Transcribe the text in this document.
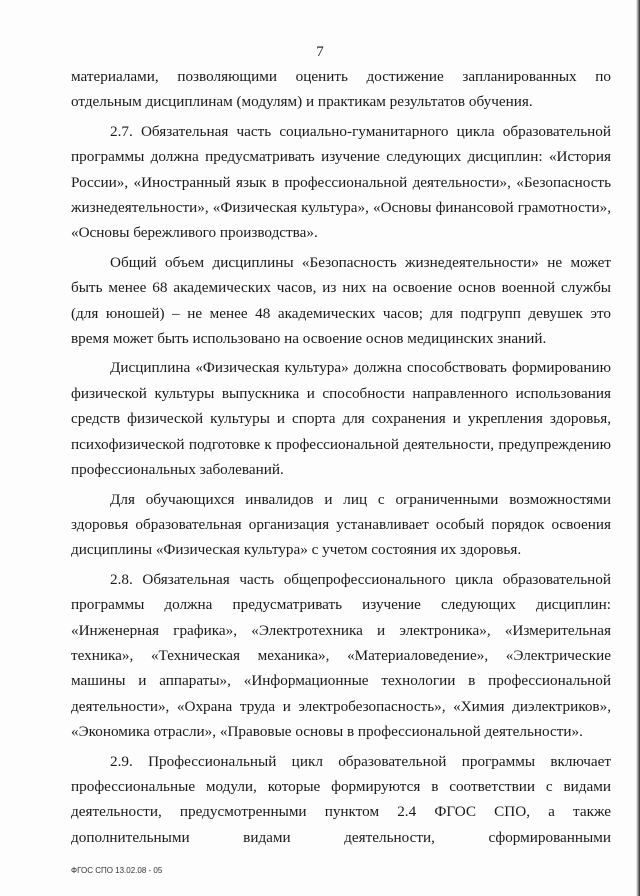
7

материалами, позволяющими оценить достижение запланированных по отдельным дисциплинам (модулям) и практикам результатов обучения.

2.7. Обязательная часть социально-гуманитарного цикла образовательной программы должна предусматривать изучение следующих дисциплин: «История России», «Иностранный язык в профессиональной деятельности», «Безопасность жизнедеятельности», «Физическая культура», «Основы финансовой грамотности», «Основы бережливого производства».

Общий объем дисциплины «Безопасность жизнедеятельности» не может быть менее 68 академических часов, из них на освоение основ военной службы (для юношей) – не менее 48 академических часов; для подгрупп девушек это время может быть использовано на освоение основ медицинских знаний.

Дисциплина «Физическая культура» должна способствовать формированию физической культуры выпускника и способности направленного использования средств физической культуры и спорта для сохранения и укрепления здоровья, психофизической подготовке к профессиональной деятельности, предупреждению профессиональных заболеваний.

Для обучающихся инвалидов и лиц с ограниченными возможностями здоровья образовательная организация устанавливает особый порядок освоения дисциплины «Физическая культура» с учетом состояния их здоровья.

2.8. Обязательная часть общепрофессионального цикла образовательной программы должна предусматривать изучение следующих дисциплин: «Инженерная графика», «Электротехника и электроника», «Измерительная техника», «Техническая механика», «Материаловедение», «Электрические машины и аппараты», «Информационные технологии в профессиональной деятельности», «Охрана труда и электробезопасность», «Химия диэлектриков», «Экономика отрасли», «Правовые основы в профессиональной деятельности».

2.9. Профессиональный цикл образовательной программы включает профессиональные модули, которые формируются в соответствии с видами деятельности, предусмотренными пунктом 2.4 ФГОС СПО, а также дополнительными видами деятельности, сформированными

ФГОС СПО 13.02.08 - 05
